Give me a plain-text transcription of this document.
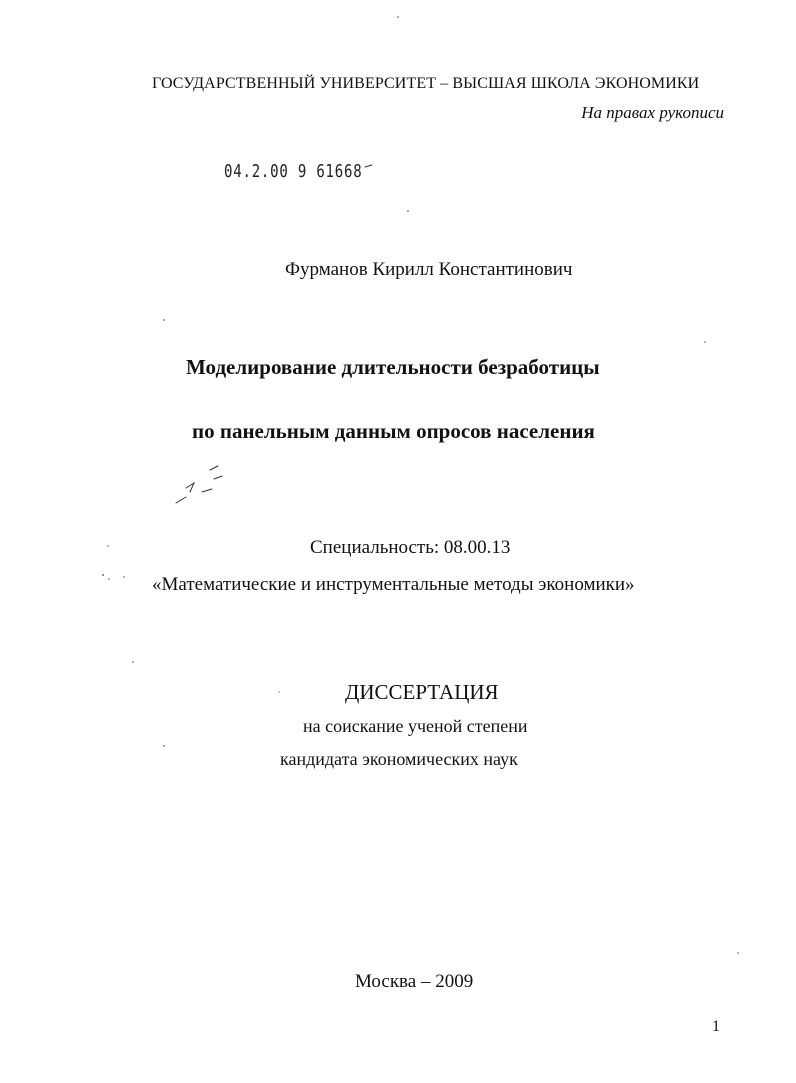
ГОСУДАРСТВЕННЫЙ УНИВЕРСИТЕТ – ВЫСШАЯ ШКОЛА ЭКОНОМИКИ
На правах рукописи
04.2.00 9 61668
Фурманов Кирилл Константинович
Моделирование длительности безработицы
по панельным данным опросов населения
Специальность: 08.00.13
«Математические и инструментальные методы экономики»
ДИССЕРТАЦИЯ
на соискание ученой степени
кандидата экономических наук
Москва – 2009
1
